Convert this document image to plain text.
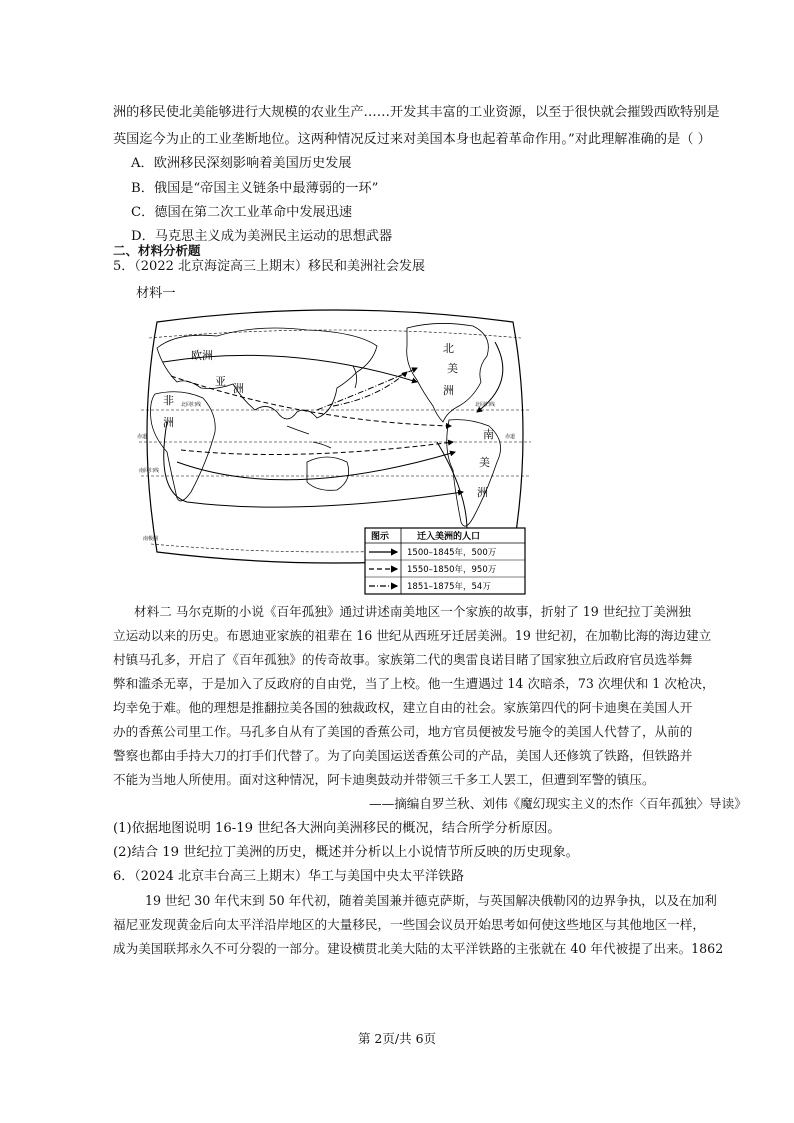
洲的移民使北美能够进行大规模的农业生产……开发其丰富的工业资源，以至于很快就会摧毁西欧特别是
英国迄今为止的工业垄断地位。这两种情况反过来对美国本身也起着革命作用。”对此理解准确的是（ ）
A．欧洲移民深刻影响着美国历史发展
B．俄国是“帝国主义链条中最薄弱的一环”
C．德国在第二次工业革命中发展迅速
D．马克思主义成为美洲民主运动的思想武器
二、材料分析题
5．（2022 北京海淀高三上期末）移民和美洲社会发展
材料一
欧洲
亚
洲
非
洲
北
美
洲
南
美
洲
北回归线
赤道
南回归线
南极圈
北回归线
赤道
图示	迁入美洲的人口
1500–1845年，500万
1550–1850年，950万
1851–1875年，54万
材料二 马尔克斯的小说《百年孤独》通过讲述南美地区一个家族的故事，折射了 19 世纪拉丁美洲独
立运动以来的历史。布恩迪亚家族的祖辈在 16 世纪从西班牙迁居美洲。19 世纪初，在加勒比海的海边建立
村镇马孔多，开启了《百年孤独》的传奇故事。家族第二代的奥雷良诺目睹了国家独立后政府官员选举舞
弊和滥杀无辜，于是加入了反政府的自由党，当了上校。他一生遭遇过 14 次暗杀，73 次埋伏和 1 次枪决，
均幸免于难。他的理想是推翻拉美各国的独裁政权，建立自由的社会。家族第四代的阿卡迪奥在美国人开
办的香蕉公司里工作。马孔多自从有了美国的香蕉公司，地方官员便被发号施令的美国人代替了，从前的
警察也都由手持大刀的打手们代替了。为了向美国运送香蕉公司的产品，美国人还修筑了铁路，但铁路并
不能为当地人所使用。面对这种情况，阿卡迪奥鼓动并带领三千多工人罢工，但遭到军警的镇压。
——摘编自罗兰秋、刘伟《魔幻现实主义的杰作〈百年孤独〉导读》
(1)依据地图说明 16-19 世纪各大洲向美洲移民的概况，结合所学分析原因。
(2)结合 19 世纪拉丁美洲的历史，概述并分析以上小说情节所反映的历史现象。
6．（2024 北京丰台高三上期末）华工与美国中央太平洋铁路
19 世纪 30 年代末到 50 年代初，随着美国兼并德克萨斯，与英国解决俄勒冈的边界争执，以及在加利
福尼亚发现黄金后向太平洋沿岸地区的大量移民，一些国会议员开始思考如何使这些地区与其他地区一样，
成为美国联邦永久不可分裂的一部分。建设横贯北美大陆的太平洋铁路的主张就在 40 年代被提了出来。1862
第 2页/共 6页
